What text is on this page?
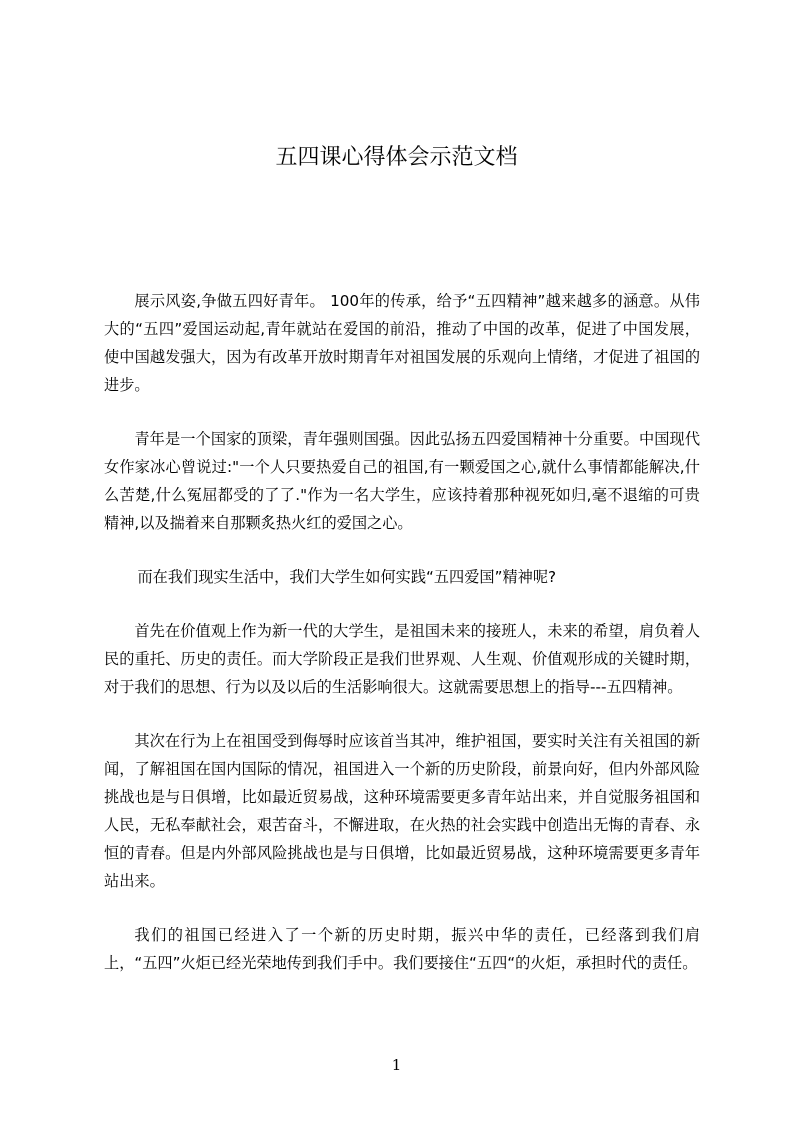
五四课心得体会示范文档

展示风姿,争做五四好青年。 100年的传承，给予“五四精神”越来越多的涵意。从伟大的“五四”爱国运动起,青年就站在爱国的前沿，推动了中国的改革，促进了中国发展，使中国越发强大，因为有改革开放时期青年对祖国发展的乐观向上情绪，才促进了祖国的进步。

青年是一个国家的顶梁，青年强则国强。因此弘扬五四爱国精神十分重要。中国现代女作家冰心曾说过:"一个人只要热爱自己的祖国,有一颗爱国之心,就什么事情都能解决,什么苦楚,什么冤屈都受的了了."作为一名大学生，应该持着那种视死如归,毫不退缩的可贵精神,以及揣着来自那颗炙热火红的爱国之心。

而在我们现实生活中，我们大学生如何实践“五四爱国”精神呢?

首先在价值观上作为新一代的大学生，是祖国未来的接班人，未来的希望，肩负着人民的重托、历史的责任。而大学阶段正是我们世界观、人生观、价值观形成的关键时期，对于我们的思想、行为以及以后的生活影响很大。这就需要思想上的指导---五四精神。

其次在行为上在祖国受到侮辱时应该首当其冲，维护祖国，要实时关注有关祖国的新闻，了解祖国在国内国际的情况，祖国进入一个新的历史阶段，前景向好，但内外部风险挑战也是与日俱增，比如最近贸易战，这种环境需要更多青年站出来，并自觉服务祖国和人民，无私奉献社会，艰苦奋斗，不懈进取，在火热的社会实践中创造出无悔的青春、永恒的青春。但是内外部风险挑战也是与日俱增，比如最近贸易战，这种环境需要更多青年站出来。

我们的祖国已经进入了一个新的历史时期，振兴中华的责任，已经落到我们肩上，“五四”火炬已经光荣地传到我们手中。我们要接住“五四“的火炬，承担时代的责任。

1
